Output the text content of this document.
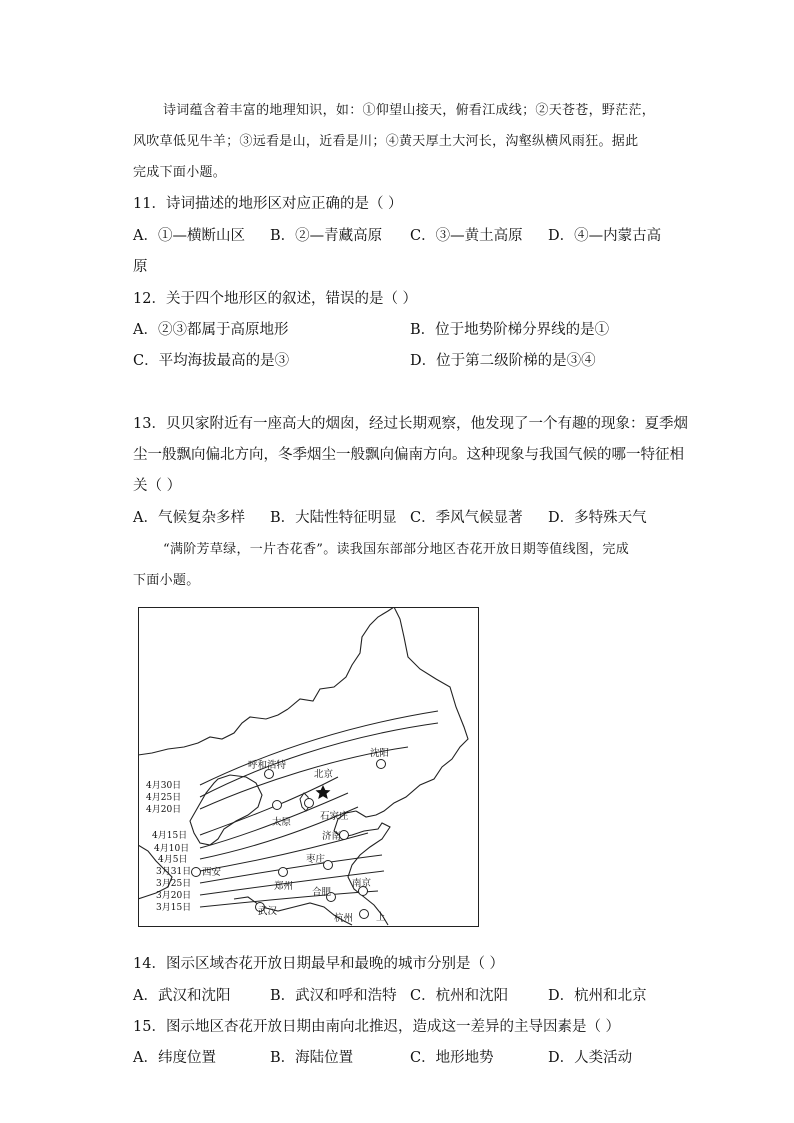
诗词蕴含着丰富的地理知识，如：①仰望山接天，俯看江成线；②天苍苍，野茫茫，
风吹草低见牛羊；③远看是山，近看是川；④黄天厚土大河长，沟壑纵横风雨狂。据此
完成下面小题。
11．诗词描述的地形区对应正确的是（ ）
A．①—横断山区 B．②—青藏高原 C．③—黄土高原 D．④—内蒙古高
原
12．关于四个地形区的叙述，错误的是（ ）
A．②③都属于高原地形	B．位于地势阶梯分界线的是①
C．平均海拔最高的是③	D．位于第二级阶梯的是③④
13．贝贝家附近有一座高大的烟囱，经过长期观察，他发现了一个有趣的现象：夏季烟
尘一般飘向偏北方向，冬季烟尘一般飘向偏南方向。这种现象与我国气候的哪一特征相
关（ ）
A．气候复杂多样 B．大陆性特征明显 C．季风气候显著 D．多特殊天气
“满阶芳草绿，一片杏花香”。读我国东部部分地区杏花开放日期等值线图，完成
下面小题。
4月30日
4月25日
4月20日
4月15日
4月10日
4月5日
3月31日
3月25日
3月20日
3月15日
呼和浩特
沈阳
北京
太原
石家庄
济南
西安
枣庄
郑州
合肥
南京
武汉
杭州 上
14．图示区域杏花开放日期最早和最晚的城市分别是（ ）
A．武汉和沈阳	B．武汉和呼和浩特 C．杭州和沈阳	D．杭州和北京
15．图示地区杏花开放日期由南向北推迟，造成这一差异的主导因素是（ ）
A．纬度位置	B．海陆位置	C．地形地势	D．人类活动
